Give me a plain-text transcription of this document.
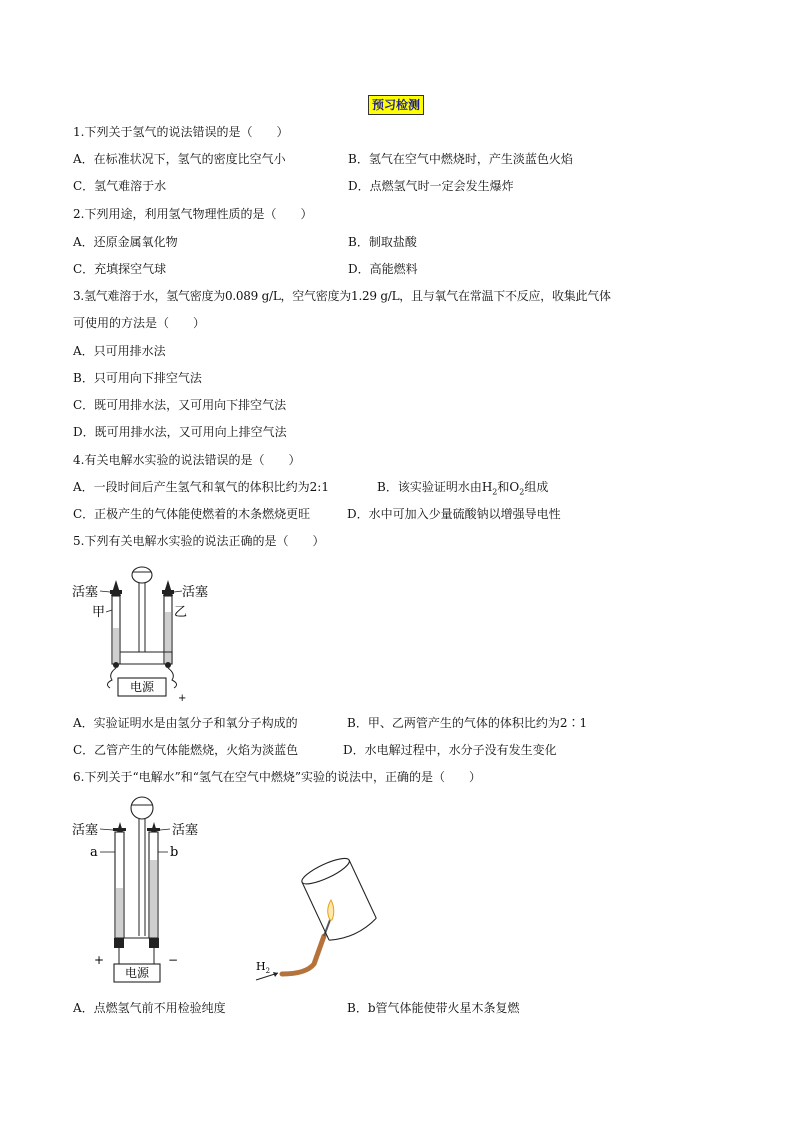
预习检测
1.下列关于氢气的说法错误的是（　　）
A．在标准状况下，氢气的密度比空气小	B．氢气在空气中燃烧时，产生淡蓝色火焰
C．氢气难溶于水	D．点燃氢气时一定会发生爆炸
2.下列用途，利用氢气物理性质的是（　　）
A．还原金属氧化物	B．制取盐酸
C．充填探空气球	D．高能燃料
3.氢气难溶于水，氢气密度为0.089 g/L，空气密度为1.29 g/L，且与氧气在常温下不反应，收集此气体
可使用的方法是（　　）
A．只可用排水法
B．只可用向下排空气法
C．既可用排水法，又可用向下排空气法
D．既可用排水法，又可用向上排空气法
4.有关电解水实验的说法错误的是（　　）
A．一段时间后产生氢气和氧气的体积比约为2:1	B．该实验证明水由$H_2$和$O_2$组成
C．正极产生的气体能使燃着的木条燃烧更旺	D．水中可加入少量硫酸钠以增强导电性
5.下列有关电解水实验的说法正确的是（　　）
电源
+
活塞	活塞
甲	乙
A．实验证明水是由氢分子和氧分子构成的	B．甲、乙两管产生的气体的体积比约为2∶1
C．乙管产生的气体能燃烧，火焰为淡蓝色	D．水电解过程中，水分子没有发生变化
6.下列关于“电解水”和“氢气在空气中燃烧”实验的说法中，正确的是（　　）
电源
+	−
活塞	活塞
a	b
$H_2$
A．点燃氢气前不用检验纯度	B．b管气体能使带火星木条复燃
